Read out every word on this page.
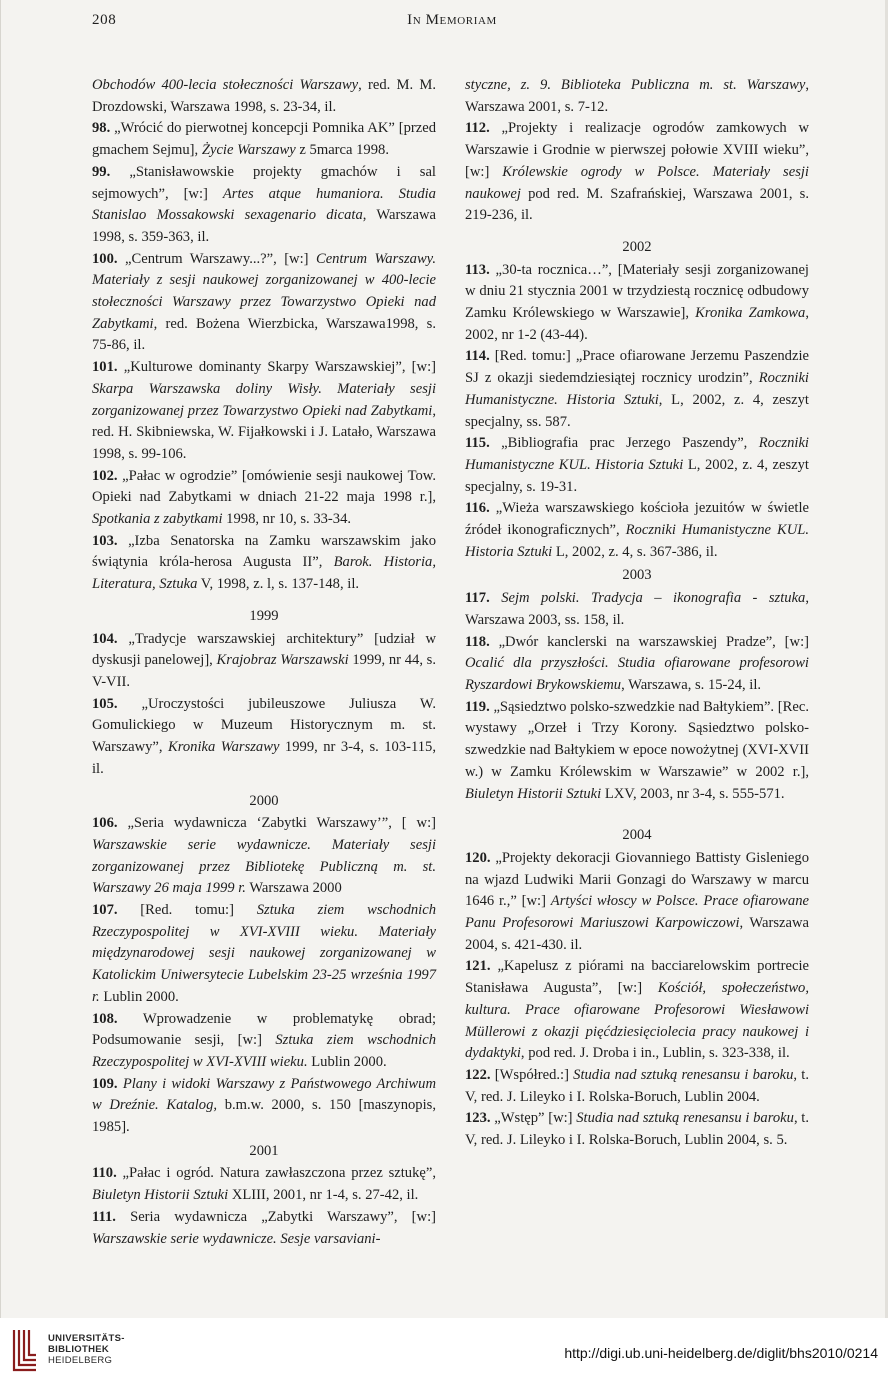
208	In Memoriam

Obchodów 400-lecia stołeczności Warszawy, red. M. M. Drozdowski, Warszawa 1998, s. 23-34, il.

98. „Wrócić do pierwotnej koncepcji Pomnika AK” [przed gmachem Sejmu], Życie Warszawy z 5marca 1998.

99. „Stanisławowskie projekty gmachów i sal sejmowych”, [w:] Artes atque humaniora. Studia Stanislao Mossakowski sexagenario dicata, Warszawa 1998, s. 359-363, il.

100. „Centrum Warszawy...?”, [w:] Centrum Warszawy. Materiały z sesji naukowej zorganizowanej w 400-lecie stołeczności Warszawy przez Towarzystwo Opieki nad Zabytkami, red. Bożena Wierzbicka, Warszawa1998, s. 75-86, il.

101. „Kulturowe dominanty Skarpy Warszawskiej”, [w:] Skarpa Warszawska doliny Wisły. Materiały sesji zorganizowanej przez Towarzystwo Opieki nad Zabytkami, red. H. Skibniewska, W. Fijałkowski i J. Latało, Warszawa 1998, s. 99-106.

102. „Pałac w ogrodzie” [omówienie sesji naukowej Tow. Opieki nad Zabytkami w dniach 21-22 maja 1998 r.], Spotkania z zabytkami 1998, nr 10, s. 33-34.

103. „Izba Senatorska na Zamku warszawskim jako świątynia króla-herosa Augusta II”, Barok. Historia, Literatura, Sztuka V, 1998, z. l, s. 137-148, il.

1999

104. „Tradycje warszawskiej architektury” [udział w dyskusji panelowej], Krajobraz Warszawski 1999, nr 44, s. V-VII.

105. „Uroczystości jubileuszowe Juliusza W. Gomulickiego w Muzeum Historycznym m. st. Warszawy”, Kronika Warszawy 1999, nr 3-4, s. 103-115, il.

2000

106. „Seria wydawnicza ‘Zabytki Warszawy’”, [ w:] Warszawskie serie wydawnicze. Materiały sesji zorganizowanej przez Bibliotekę Publiczną m. st. Warszawy 26 maja 1999 r. Warszawa 2000

107. [Red. tomu:] Sztuka ziem wschodnich Rzeczypospolitej w XVI-XVIII wieku. Materiały międzynarodowej sesji naukowej zorganizowanej w Katolickim Uniwersytecie Lubelskim 23-25 września 1997 r. Lublin 2000.

108. Wprowadzenie w problematykę obrad; Podsumowanie sesji, [w:] Sztuka ziem wschodnich Rzeczypospolitej w XVI-XVIII wieku. Lublin 2000.

109. Plany i widoki Warszawy z Państwowego Archiwum w Dreźnie. Katalog, b.m.w. 2000, s. 150 [maszynopis, 1985].

2001

110. „Pałac i ogród. Natura zawłaszczona przez sztukę”, Biuletyn Historii Sztuki XLIII, 2001, nr 1-4, s. 27-42, il.

111. Seria wydawnicza „Zabytki Warszawy”, [w:] Warszawskie serie wydawnicze. Sesje varsaviani-

styczne, z. 9. Biblioteka Publiczna m. st. Warszawy, Warszawa 2001, s. 7-12.

112. „Projekty i realizacje ogrodów zamkowych w Warszawie i Grodnie w pierwszej połowie XVIII wieku”, [w:] Królewskie ogrody w Polsce. Materiały sesji naukowej pod red. M. Szafrańskiej, Warszawa 2001, s. 219-236, il.

2002

113. „30-ta rocznica…”, [Materiały sesji zorganizowanej w dniu 21 stycznia 2001 w trzydziestą rocznicę odbudowy Zamku Królewskiego w Warszawie], Kronika Zamkowa, 2002, nr 1-2 (43-44).

114. [Red. tomu:] „Prace ofiarowane Jerzemu Paszendzie SJ z okazji siedemdziesiątej rocznicy urodzin”, Roczniki Humanistyczne. Historia Sztuki, L, 2002, z. 4, zeszyt specjalny, ss. 587.

115. „Bibliografia prac Jerzego Paszendy”, Roczniki Humanistyczne KUL. Historia Sztuki L, 2002, z. 4, zeszyt specjalny, s. 19-31.

116. „Wieża warszawskiego kościoła jezuitów w świetle źródeł ikonograficznych”, Roczniki Humanistyczne KUL. Historia Sztuki L, 2002, z. 4, s. 367-386, il.

2003

117. Sejm polski. Tradycja – ikonografia - sztuka, Warszawa 2003, ss. 158, il.

118. „Dwór kanclerski na warszawskiej Pradze”, [w:] Ocalić dla przyszłości. Studia ofiarowane profesorowi Ryszardowi Brykowskiemu, Warszawa, s. 15-24, il.

119. „Sąsiedztwo polsko-szwedzkie nad Bałtykiem”. [Rec. wystawy „Orzeł i Trzy Korony. Sąsiedztwo polsko-szwedzkie nad Bałtykiem w epoce nowożytnej (XVI-XVII w.) w Zamku Królewskim w Warszawie” w 2002 r.], Biuletyn Historii Sztuki LXV, 2003, nr 3-4, s. 555-571.

2004

120. „Projekty dekoracji Giovanniego Battisty Gisleniego na wjazd Ludwiki Marii Gonzagi do Warszawy w marcu 1646 r.,” [w:] Artyści włoscy w Polsce. Prace ofiarowane Panu Profesorowi Mariuszowi Karpowiczowi, Warszawa 2004, s. 421-430. il.

121. „Kapelusz z piórami na bacciarelowskim portrecie Stanisława Augusta”, [w:] Kościół, społeczeństwo, kultura. Prace ofiarowane Profesorowi Wiesławowi Müllerowi z okazji pięćdziesięciolecia pracy naukowej i dydaktyki, pod red. J. Droba i in., Lublin, s. 323-338, il.

122. [Współred.:] Studia nad sztuką renesansu i baroku, t. V, red. J. Lileyko i I. Rolska-Boruch, Lublin 2004.

123. „Wstęp” [w:] Studia nad sztuką renesansu i baroku, t. V, red. J. Lileyko i I. Rolska-Boruch, Lublin 2004, s. 5.

UNIVERSITÄTS-
BIBLIOTHEK
HEIDELBERG	http://digi.ub.uni-heidelberg.de/diglit/bhs2010/0214
